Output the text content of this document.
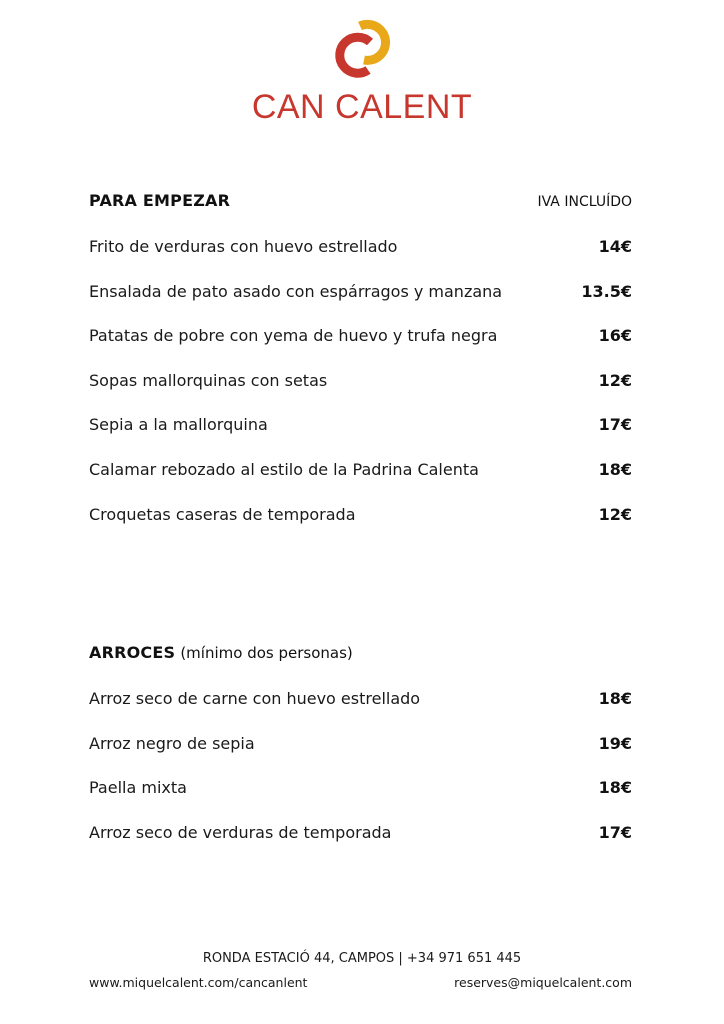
CAN CALENT
PARA EMPEZAR	IVA INCLUÍDO
Frito de verduras con huevo estrellado	14€
Ensalada de pato asado con espárragos y manzana	13.5€
Patatas de pobre con yema de huevo y trufa negra	16€
Sopas mallorquinas con setas	12€
Sepia a la mallorquina	17€
Calamar rebozado al estilo de la Padrina Calenta	18€
Croquetas caseras de temporada	12€
ARROCES (mínimo dos personas)
Arroz seco de carne con huevo estrellado	18€
Arroz negro de sepia	19€
Paella mixta	18€
Arroz seco de verduras de temporada	17€
RONDA ESTACIÓ 44, CAMPOS | +34 971 651 445
www.miquelcalent.com/cancanlent	reserves@miquelcalent.com
